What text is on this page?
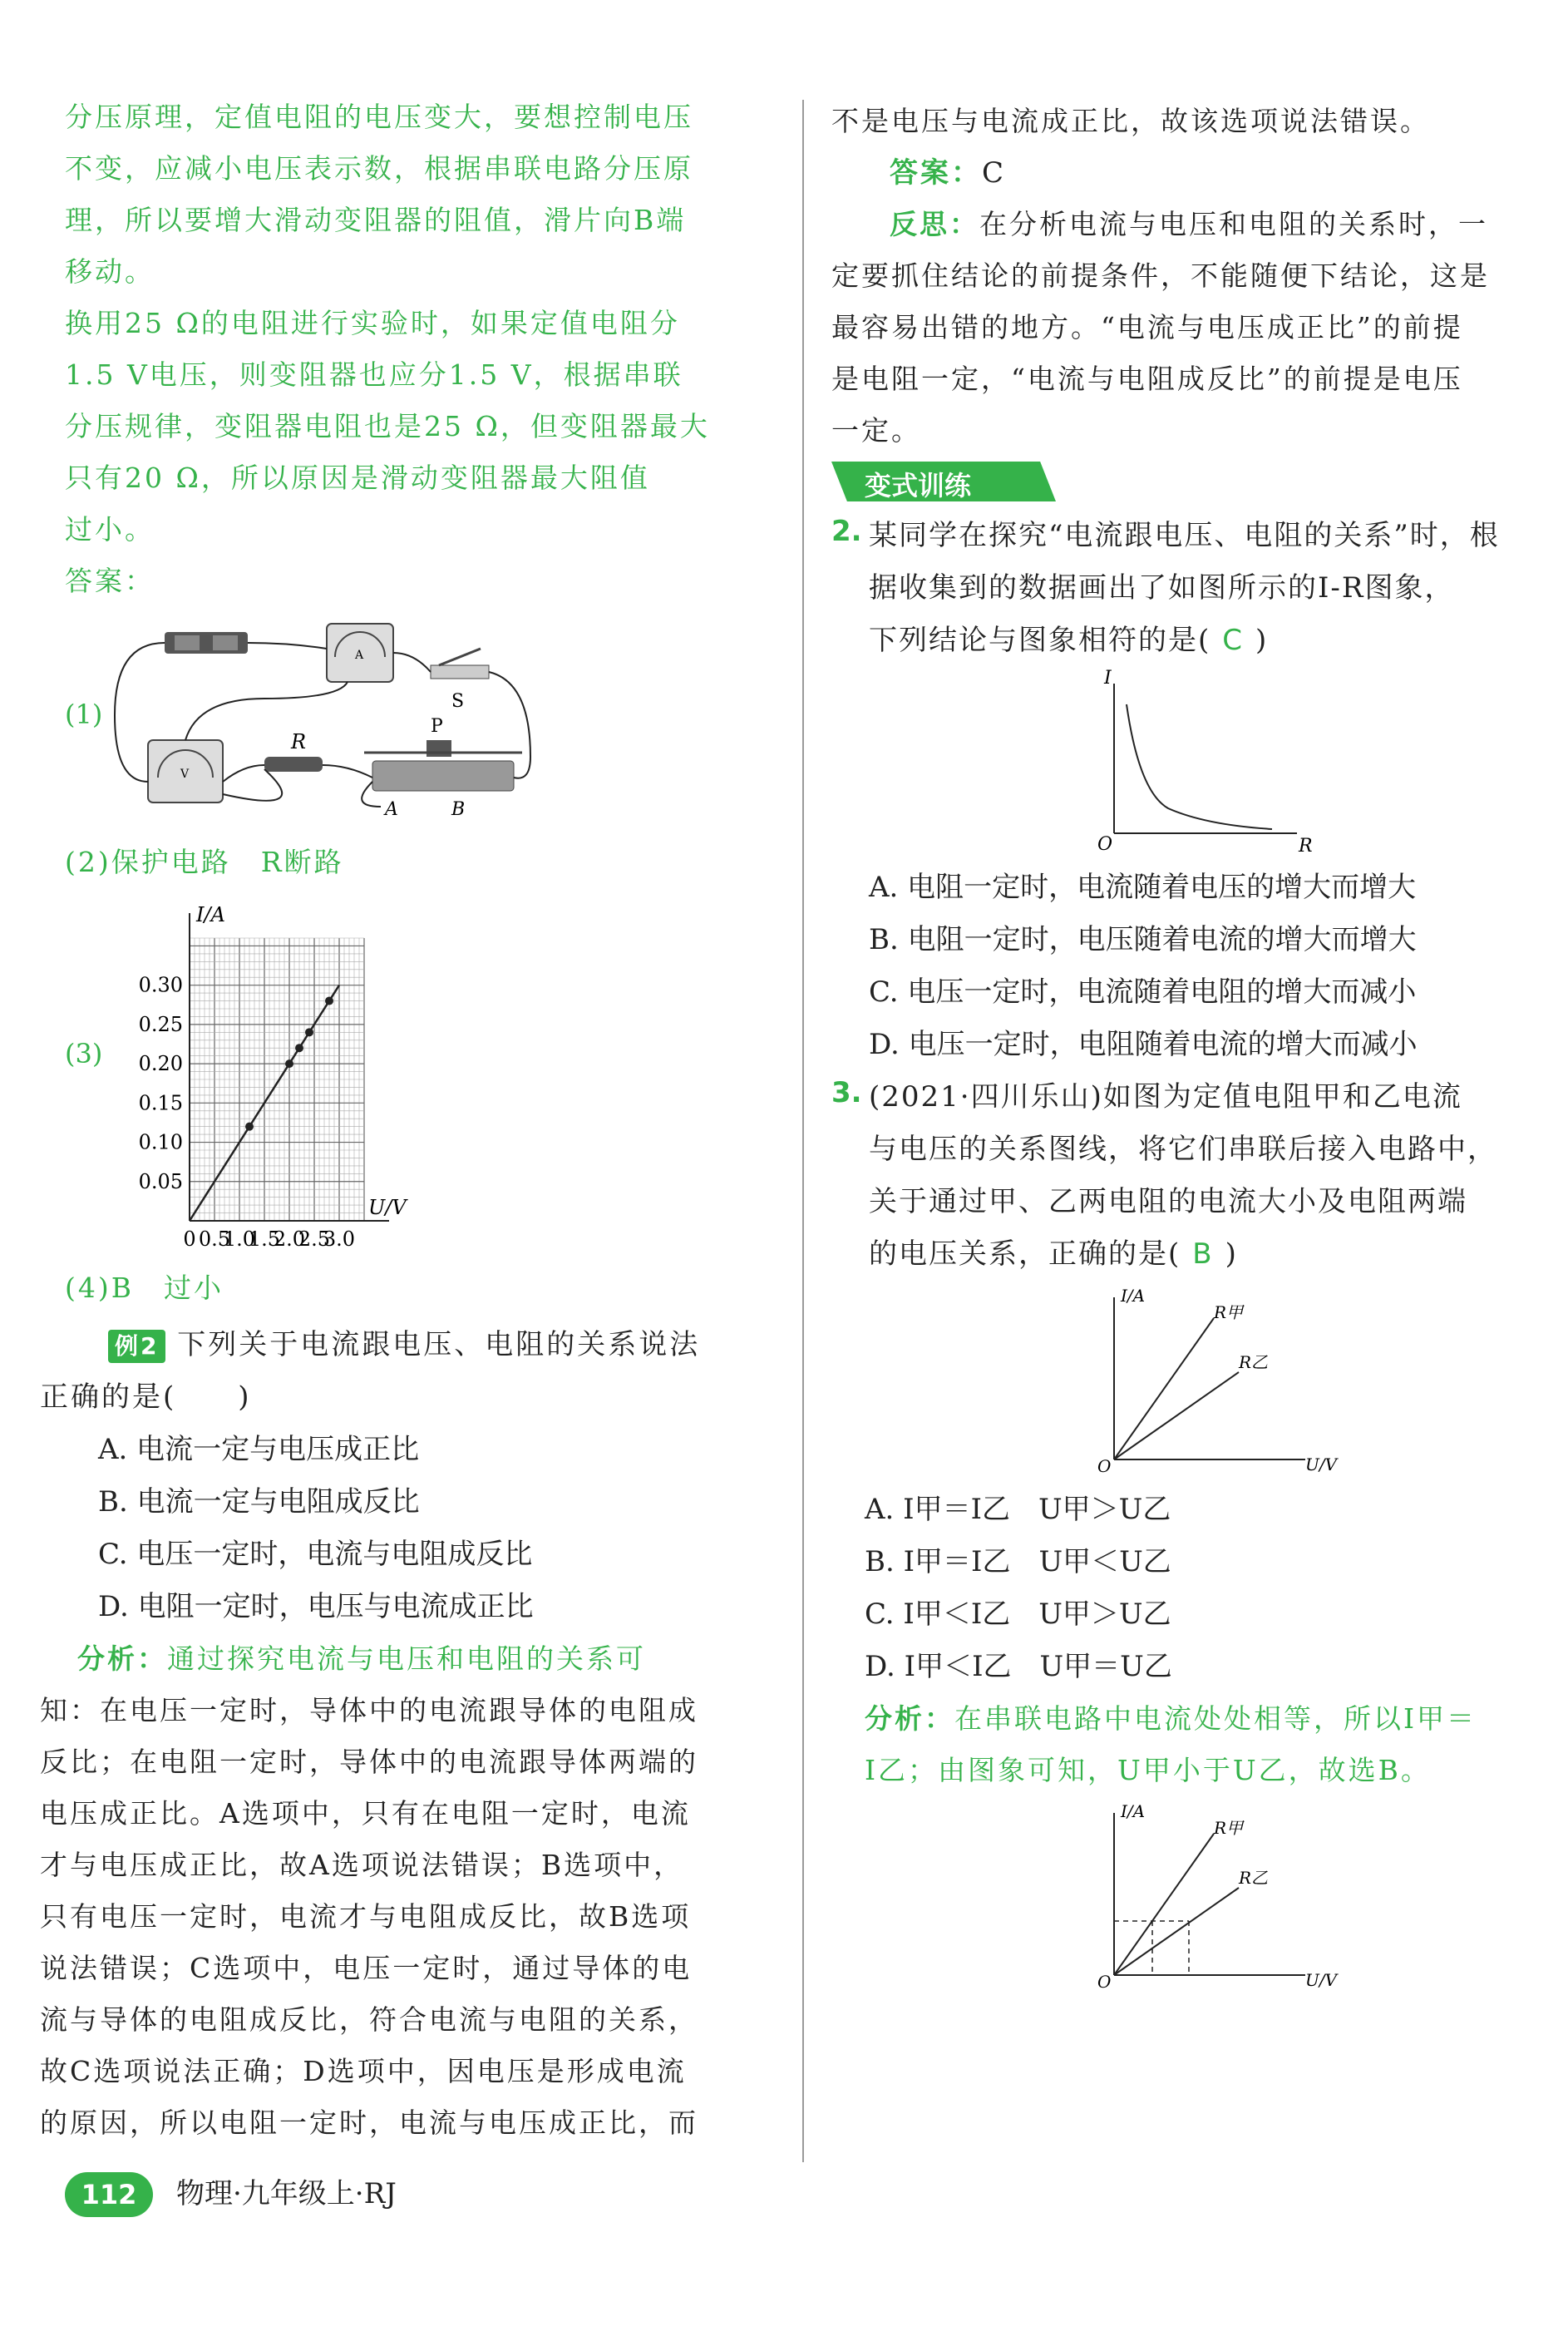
分压原理，定值电阻的电压变大，要想控制电压

不变，应减小电压表示数，根据串联电路分压原

理，所以要增大滑动变阻器的阻值，滑片向B端

移动。

换用25 Ω的电阻进行实验时，如果定值电阻分

1.5 V电压，则变阻器也应分1.5 V，根据串联

分压规律，变阻器电阻也是25 Ω，但变阻器最大

只有20 Ω，所以原因是滑动变阻器最大阻值

过小。

答案：

(1)
A
S
V
R
P
A	B

(2)保护电路　R断路

(3)
I/A
U/V
0 0.5
1.0
1.5
2.0
2.5
3.0
0.05
0.10
0.15
0.20
0.25
0.30

(4)B　过小

例2 下列关于电流跟电压、电阻的关系说法

正确的是(　　)

A. 电流一定与电压成正比

B. 电流一定与电阻成反比

C. 电压一定时，电流与电阻成反比

D. 电阻一定时，电压与电流成正比

分析：通过探究电流与电压和电阻的关系可

知：在电压一定时，导体中的电流跟导体的电阻成

反比；在电阻一定时，导体中的电流跟导体两端的

电压成正比。A选项中，只有在电阻一定时，电流

才与电压成正比，故A选项说法错误；B选项中，

只有电压一定时，电流才与电阻成反比，故B选项

说法错误；C选项中，电压一定时，通过导体的电

流与导体的电阻成反比，符合电流与电阻的关系，

故C选项说法正确；D选项中，因电压是形成电流

的原因，所以电阻一定时，电流与电压成正比，而

不是电压与电流成正比，故该选项说法错误。

答案：C

反思：在分析电流与电压和电阻的关系时，一

定要抓住结论的前提条件，不能随便下结论，这是

最容易出错的地方。“电流与电压成正比”的前提

是电阻一定，“电流与电阻成反比”的前提是电压

一定。

变式训练
2. 某同学在探究“电流跟电压、电阻的关系”时，根

据收集到的数据画出了如图所示的I-R图象，

下列结论与图象相符的是( C )

I
R
O

A. 电阻一定时，电流随着电压的增大而增大

B. 电阻一定时，电压随着电流的增大而增大

C. 电压一定时，电流随着电阻的增大而减小

D. 电压一定时，电阻随着电流的增大而减小

3. (2021·四川乐山)如图为定值电阻甲和乙电流

与电压的关系图线，将它们串联后接入电路中，

关于通过甲、乙两电阻的电流大小及电阻两端

的电压关系，正确的是( B )

I/A
U/V
O
R甲
R乙

A. I甲＝I乙　U甲＞U乙

B. I甲＝I乙　U甲＜U乙

C. I甲＜I乙　U甲＞U乙

D. I甲＜I乙　U甲＝U乙

分析：在串联电路中电流处处相等，所以I甲＝

I乙；由图象可知，U甲小于U乙，故选B。

I/A
U/V
O
R甲
R乙
112	物理·九年级上·RJ
